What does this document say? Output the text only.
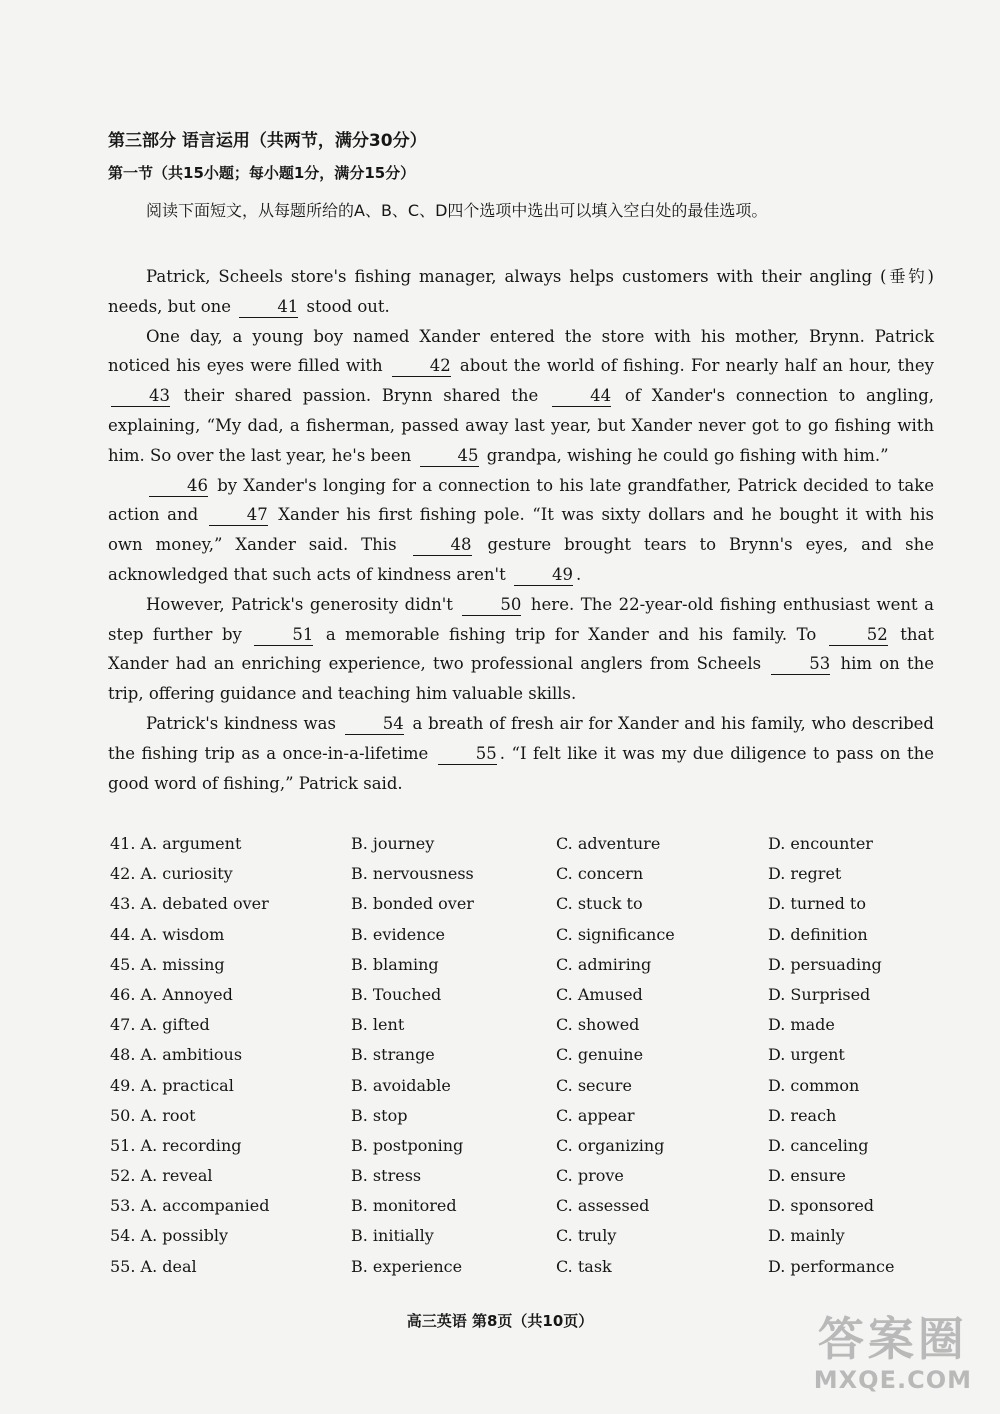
第三部分 语言运用（共两节，满分30分）
第一节（共15小题；每小题1分，满分15分）
阅读下面短文，从每题所给的A、B、C、D四个选项中选出可以填入空白处的最佳选项。

Patrick, Scheels store's fishing manager, always helps customers with their angling (垂钓) needs, but one 41 stood out.

One day, a young boy named Xander entered the store with his mother, Brynn. Patrick noticed his eyes were filled with 42 about the world of fishing. For nearly half an hour, they 43 their shared passion. Brynn shared the 44 of Xander's connection to angling, explaining, “My dad, a fisherman, passed away last year, but Xander never got to go fishing with him. So over the last year, he's been 45 grandpa, wishing he could go fishing with him.”

46 by Xander's longing for a connection to his late grandfather, Patrick decided to take action and 47 Xander his first fishing pole. “It was sixty dollars and he bought it with his own money,” Xander said. This 48 gesture brought tears to Brynn's eyes, and she acknowledged that such acts of kindness aren't 49 .

However, Patrick's generosity didn't 50 here. The 22-year-old fishing enthusiast went a step further by 51 a memorable fishing trip for Xander and his family. To 52 that Xander had an enriching experience, two professional anglers from Scheels 53 him on the trip, offering guidance and teaching him valuable skills.

Patrick's kindness was 54 a breath of fresh air for Xander and his family, who described the fishing trip as a once-in-a-lifetime 55 . “I felt like it was my due diligence to pass on the good word of fishing,” Patrick said.

41. A. argument	B. journey	C. adventure	D. encounter
42. A. curiosity	B. nervousness	C. concern	D. regret
43. A. debated over	B. bonded over	C. stuck to	D. turned to
44. A. wisdom	B. evidence	C. significance	D. definition
45. A. missing	B. blaming	C. admiring	D. persuading
46. A. Annoyed	B. Touched	C. Amused	D. Surprised
47. A. gifted	B. lent	C. showed	D. made
48. A. ambitious	B. strange	C. genuine	D. urgent
49. A. practical	B. avoidable	C. secure	D. common
50. A. root	B. stop	C. appear	D. reach
51. A. recording	B. postponing	C. organizing	D. canceling
52. A. reveal	B. stress	C. prove	D. ensure
53. A. accompanied	B. monitored	C. assessed	D. sponsored
54. A. possibly	B. initially	C. truly	D. mainly
55. A. deal	B. experience	C. task	D. performance
高三英语 第8页（共10页）	答案圈
MXQE.COM
